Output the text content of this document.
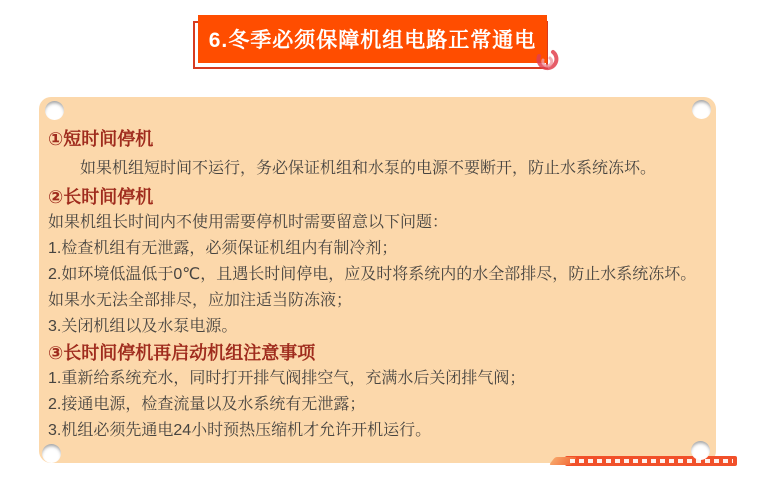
6.冬季必须保障机组电路正常通电
①短时间停机

如果机组短时间不运行，务必保证机组和水泵的电源不要断开，防止水系统冻坏。

②长时间停机

如果机组长时间内不使用需要停机时需要留意以下问题：

1.检查机组有无泄露，必须保证机组内有制冷剂；

2.如环境低温低于0℃，且遇长时间停电，应及时将系统内的水全部排尽，防止水系统冻坏。如果水无法全部排尽，应加注适当防冻液；

3.关闭机组以及水泵电源。

③长时间停机再启动机组注意事项

1.重新给系统充水，同时打开排气阀排空气，充满水后关闭排气阀；

2.接通电源，检查流量以及水系统有无泄露；

3.机组必须先通电24小时预热压缩机才允许开机运行。
